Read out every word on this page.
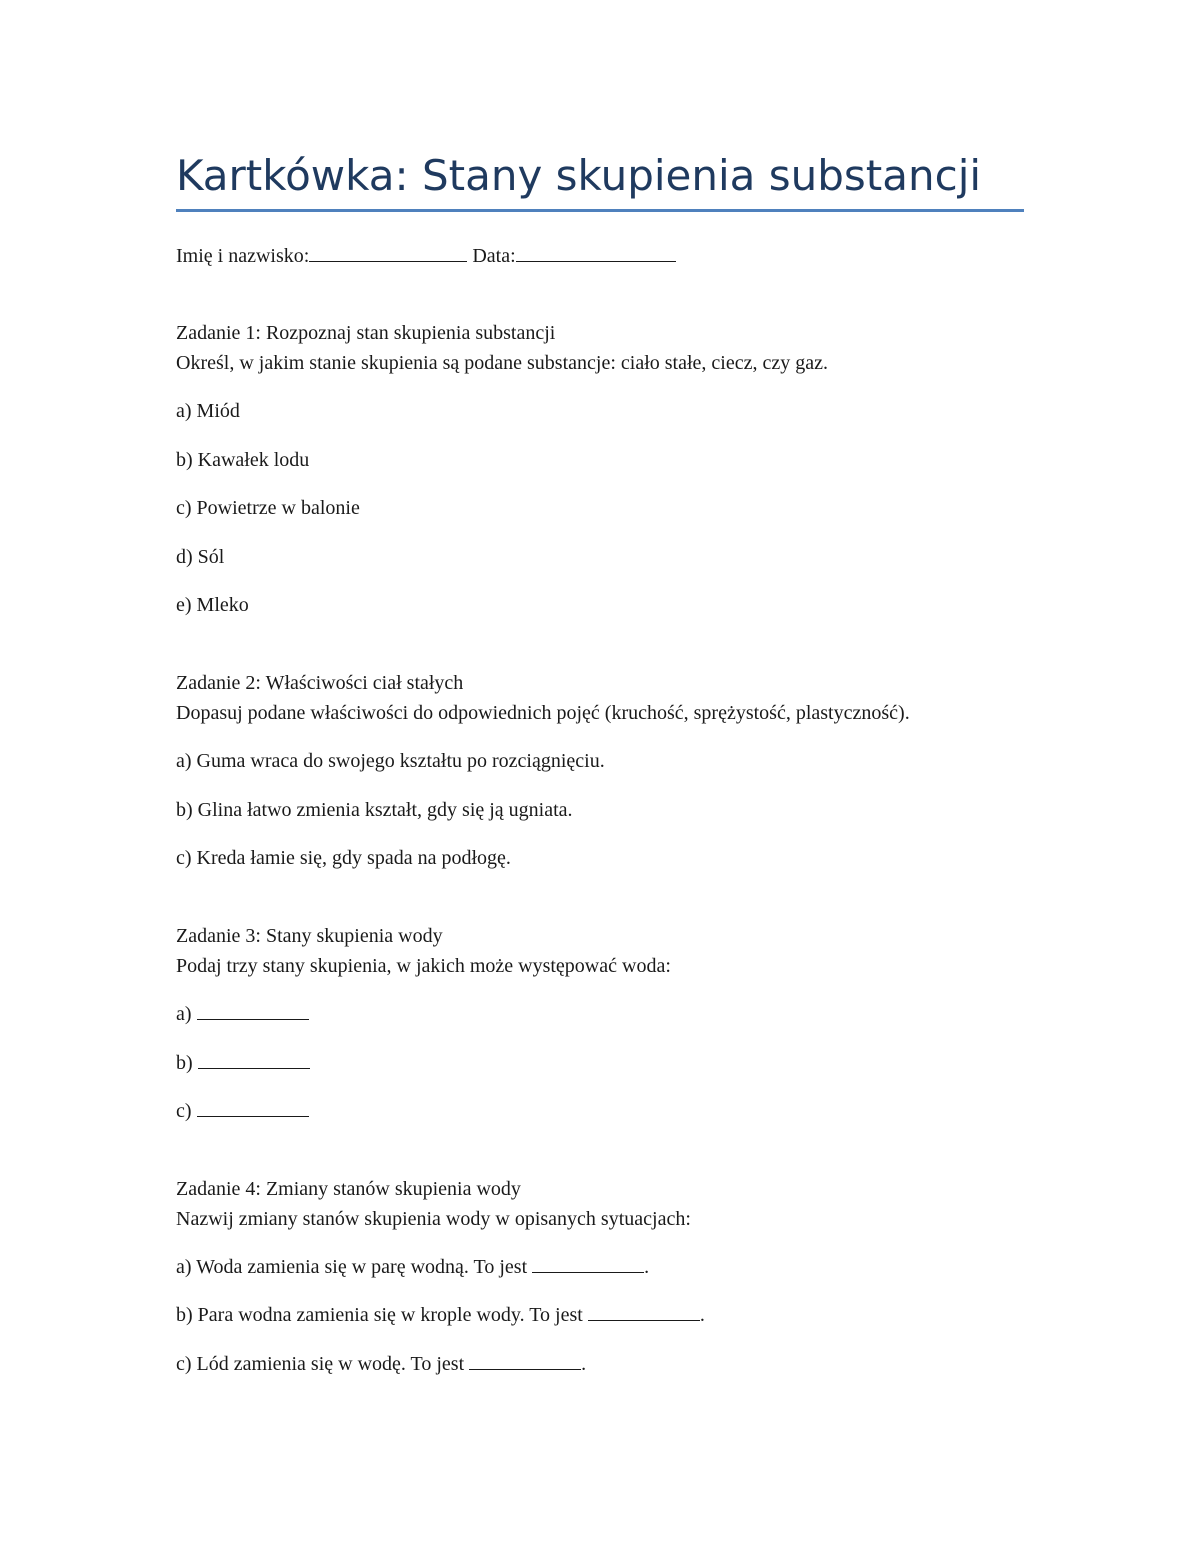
Kartkówka: Stany skupienia substancji
Imię i nazwisko:	Data:
Zadanie 1: Rozpoznaj stan skupienia substancji
Określ, w jakim stanie skupienia są podane substancje: ciało stałe, ciecz, czy gaz.
a) Miód
b) Kawałek lodu
c) Powietrze w balonie
d) Sól
e) Mleko
Zadanie 2: Właściwości ciał stałych
Dopasuj podane właściwości do odpowiednich pojęć (kruchość, sprężystość, plastyczność).
a) Guma wraca do swojego kształtu po rozciągnięciu.
b) Glina łatwo zmienia kształt, gdy się ją ugniata.
c) Kreda łamie się, gdy spada na podłogę.
Zadanie 3: Stany skupienia wody
Podaj trzy stany skupienia, w jakich może występować woda:
a)
b)
c)
Zadanie 4: Zmiany stanów skupienia wody
Nazwij zmiany stanów skupienia wody w opisanych sytuacjach:
a) Woda zamienia się w parę wodną. To jest	.
b) Para wodna zamienia się w krople wody. To jest	.
c) Lód zamienia się w wodę. To jest	.
